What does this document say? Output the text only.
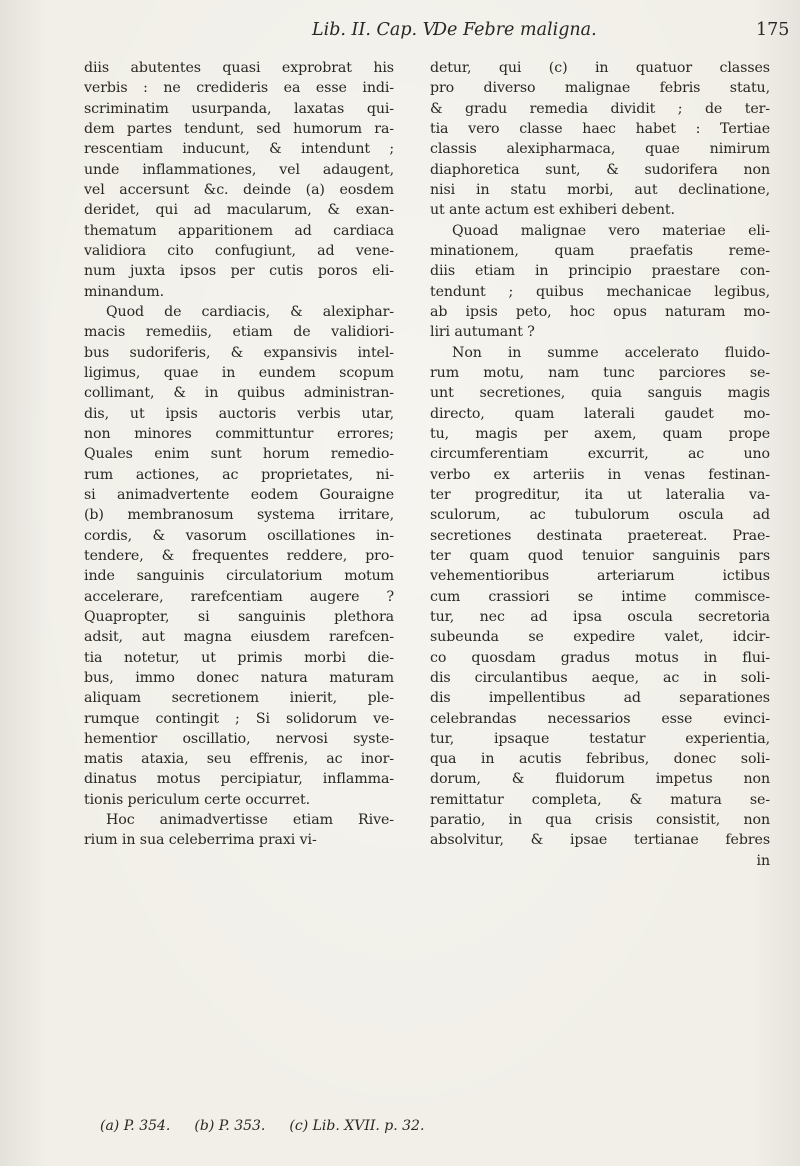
Lib. II. Cap. V.
De Febre maligna.	175
diis abutentes quasi exprobrat his
verbis : ne credideris ea esse indi-
scriminatim usurpanda, laxatas qui-
dem partes tendunt, sed humorum ra-
rescentiam inducunt, & intendunt ;
unde inflammationes, vel adaugent,
vel accersunt &c. deinde (a) eosdem
deridet, qui ad macularum, & exan-
thematum apparitionem ad cardiaca
validiora cito confugiunt, ad vene-
num juxta ipsos per cutis poros eli-
minandum.
Quod de cardiacis, & alexiphar-
macis remediis, etiam de validiori-
bus sudoriferis, & expansivis intel-
ligimus, quae in eundem scopum
collimant, & in quibus administran-
dis, ut ipsis auctoris verbis utar,
non minores committuntur errores;
Quales enim sunt horum remedio-
rum actiones, ac proprietates, ni-
si animadvertente eodem Gouraigne
(b) membranosum systema irritare,
cordis, & vasorum oscillationes in-
tendere, & frequentes reddere, pro-
inde sanguinis circulatorium motum
accelerare, rarefcentiam augere ?
Quapropter, si sanguinis plethora
adsit, aut magna eiusdem rarefcen-
tia notetur, ut primis morbi die-
bus, immo donec natura maturam
aliquam secretionem inierit, ple-
rumque contingit ; Si solidorum ve-
hementior oscillatio, nervosi syste-
matis ataxia, seu effrenis, ac inor-
dinatus motus percipiatur, inflamma-
tionis periculum certe occurret.
Hoc animadvertisse etiam Rive-
rium in sua celeberrima praxi vi-
detur, qui (c) in quatuor classes
pro diverso malignae febris statu,
& gradu remedia dividit ; de ter-
tia vero classe haec habet : Tertiae
classis alexipharmaca, quae nimirum
diaphoretica sunt, & sudorifera non
nisi in statu morbi, aut declinatione,
ut ante actum est exhiberi debent.
Quoad malignae vero materiae eli-
minationem, quam praefatis reme-
diis etiam in principio praestare con-
tendunt ; quibus mechanicae legibus,
ab ipsis peto, hoc opus naturam mo-
liri autumant ?
Non in summe accelerato fluido-
rum motu, nam tunc parciores se-
unt secretiones, quia sanguis magis
directo, quam laterali gaudet mo-
tu, magis per axem, quam prope
circumferentiam excurrit, ac uno
verbo ex arteriis in venas festinan-
ter progreditur, ita ut lateralia va-
sculorum, ac tubulorum oscula ad
secretiones destinata praetereat. Prae-
ter quam quod tenuior sanguinis pars
vehementioribus arteriarum ictibus
cum crassiori se intime commisce-
tur, nec ad ipsa oscula secretoria
subeunda se expedire valet, idcir-
co quosdam gradus motus in flui-
dis circulantibus aeque, ac in soli-
dis impellentibus ad separationes
celebrandas necessarios esse evinci-
tur, ipsaque testatur experientia,
qua in acutis febribus, donec soli-
dorum, & fluidorum impetus non
remittatur completa, & matura se-
paratio, in qua crisis consistit, non
absolvitur, & ipsae tertianae febres
in
(a) P. 354. (b) P. 353. (c) Lib. XVII. p. 32.
